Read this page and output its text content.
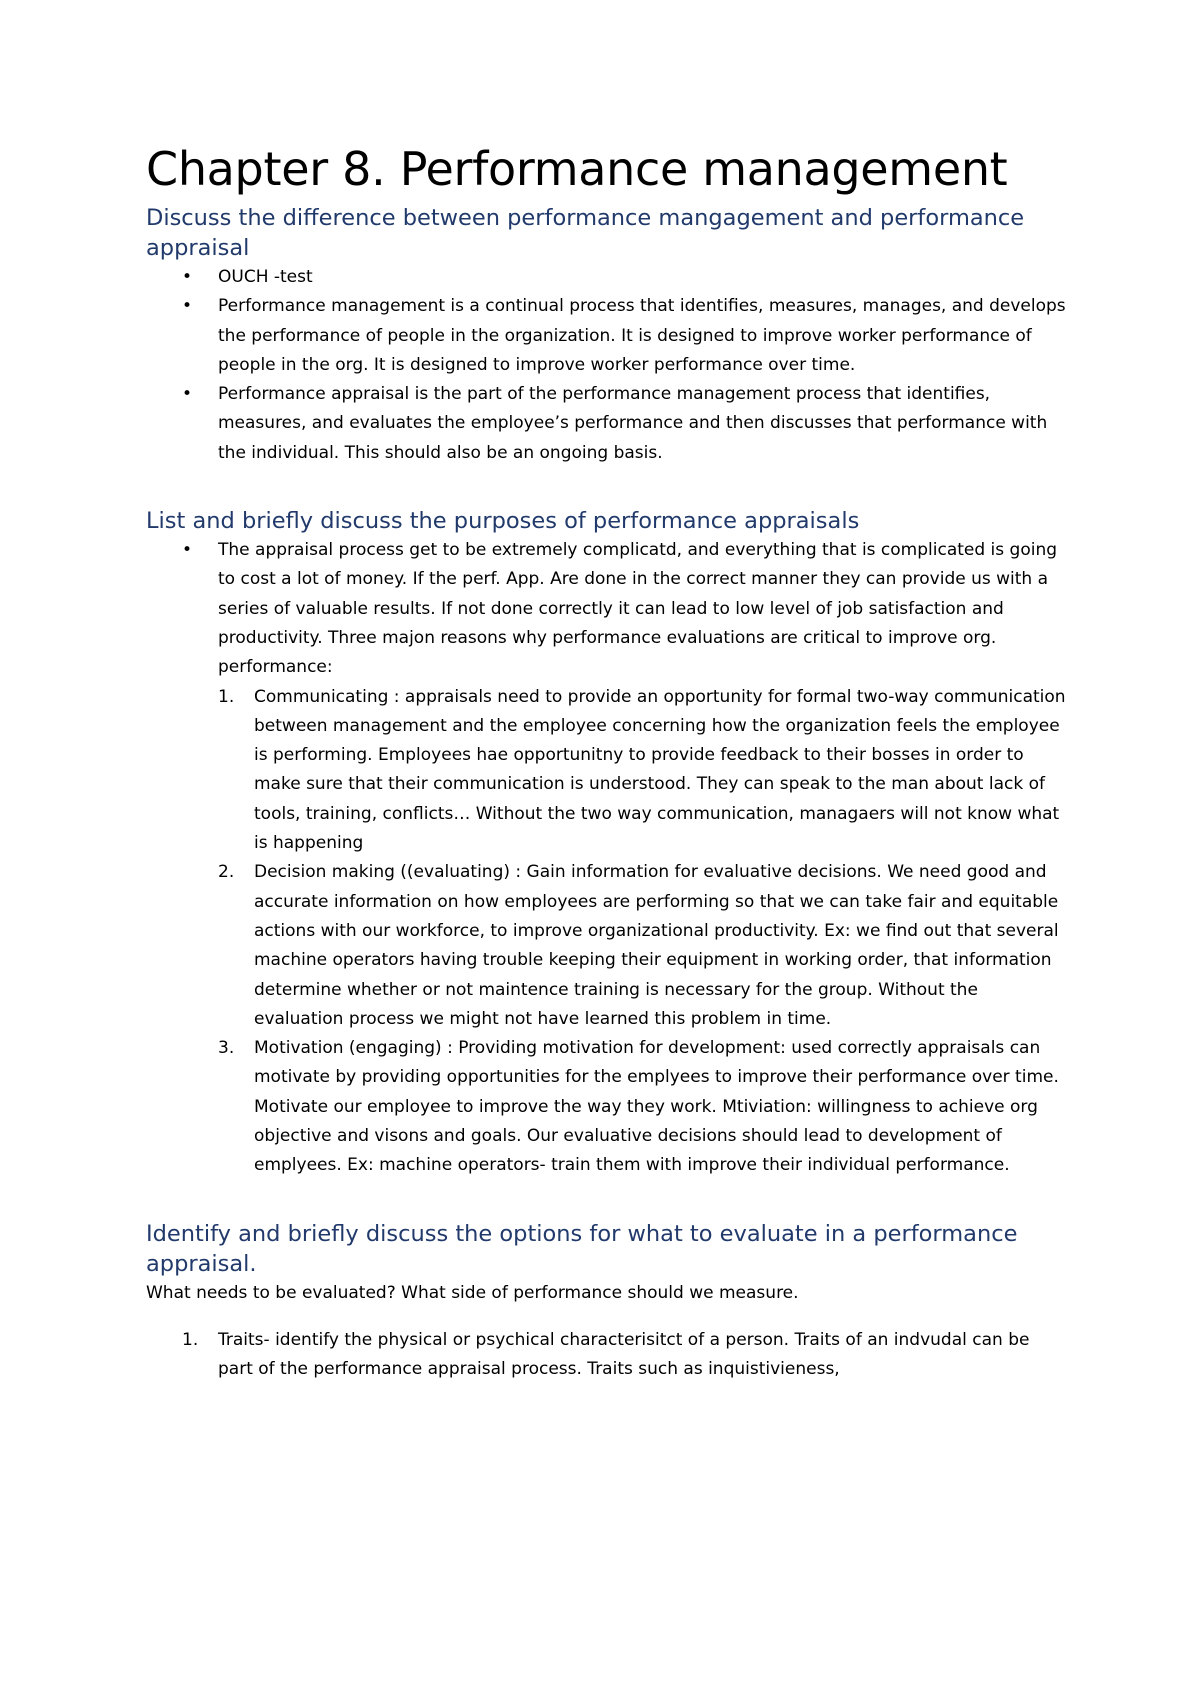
Chapter 8. Performance management
Discuss the difference between performance mangagement and performance appraisal
• OUCH -test
• Performance management is a continual process that identifies, measures, manages, and develops the performance of people in the organization. It is designed to improve worker performance of people in the org. It is designed to improve worker performance over time.
• Performance appraisal is the part of the performance management process that identifies, measures, and evaluates the employee’s performance and then discusses that performance with the individual. This should also be an ongoing basis.
List and briefly discuss the purposes of performance appraisals
• The appraisal process get to be extremely complicatd, and everything that is complicated is going to cost a lot of money. If the perf. App. Are done in the correct manner they can provide us with a series of valuable results. If not done correctly it can lead to low level of job satisfaction and productivity. Three majon reasons why performance evaluations are critical to improve org. performance:
1. Communicating : appraisals need to provide an opportunity for formal two-way communication between management and the employee concerning how the organization feels the employee is performing. Employees hae opportunitny to provide feedback to their bosses in order to make sure that their communication is understood. They can speak to the man about lack of tools, training, conflicts… Without the two way communication, managaers will not know what is happening
2. Decision making ((evaluating) : Gain information for evaluative decisions. We need good and accurate information on how employees are performing so that we can take fair and equitable actions with our workforce, to improve organizational productivity. Ex: we find out that several machine operators having trouble keeping their equipment in working order, that information determine whether or not maintence training is necessary for the group. Without the evaluation process we might not have learned this problem in time.
3. Motivation (engaging) : Providing motivation for development: used correctly appraisals can motivate by providing opportunities for the emplyees to improve their performance over time. Motivate our employee to improve the way they work. Mtiviation: willingness to achieve org objective and visons and goals. Our evaluative decisions should lead to development of emplyees. Ex: machine operators- train them with improve their individual performance.
Identify and briefly discuss the options for what to evaluate in a performance appraisal.

What needs to be evaluated? What side of performance should we measure.

1. Traits- identify the physical or psychical characterisitct of a person. Traits of an indvudal can be part of the performance appraisal process. Traits such as inquistivieness,
